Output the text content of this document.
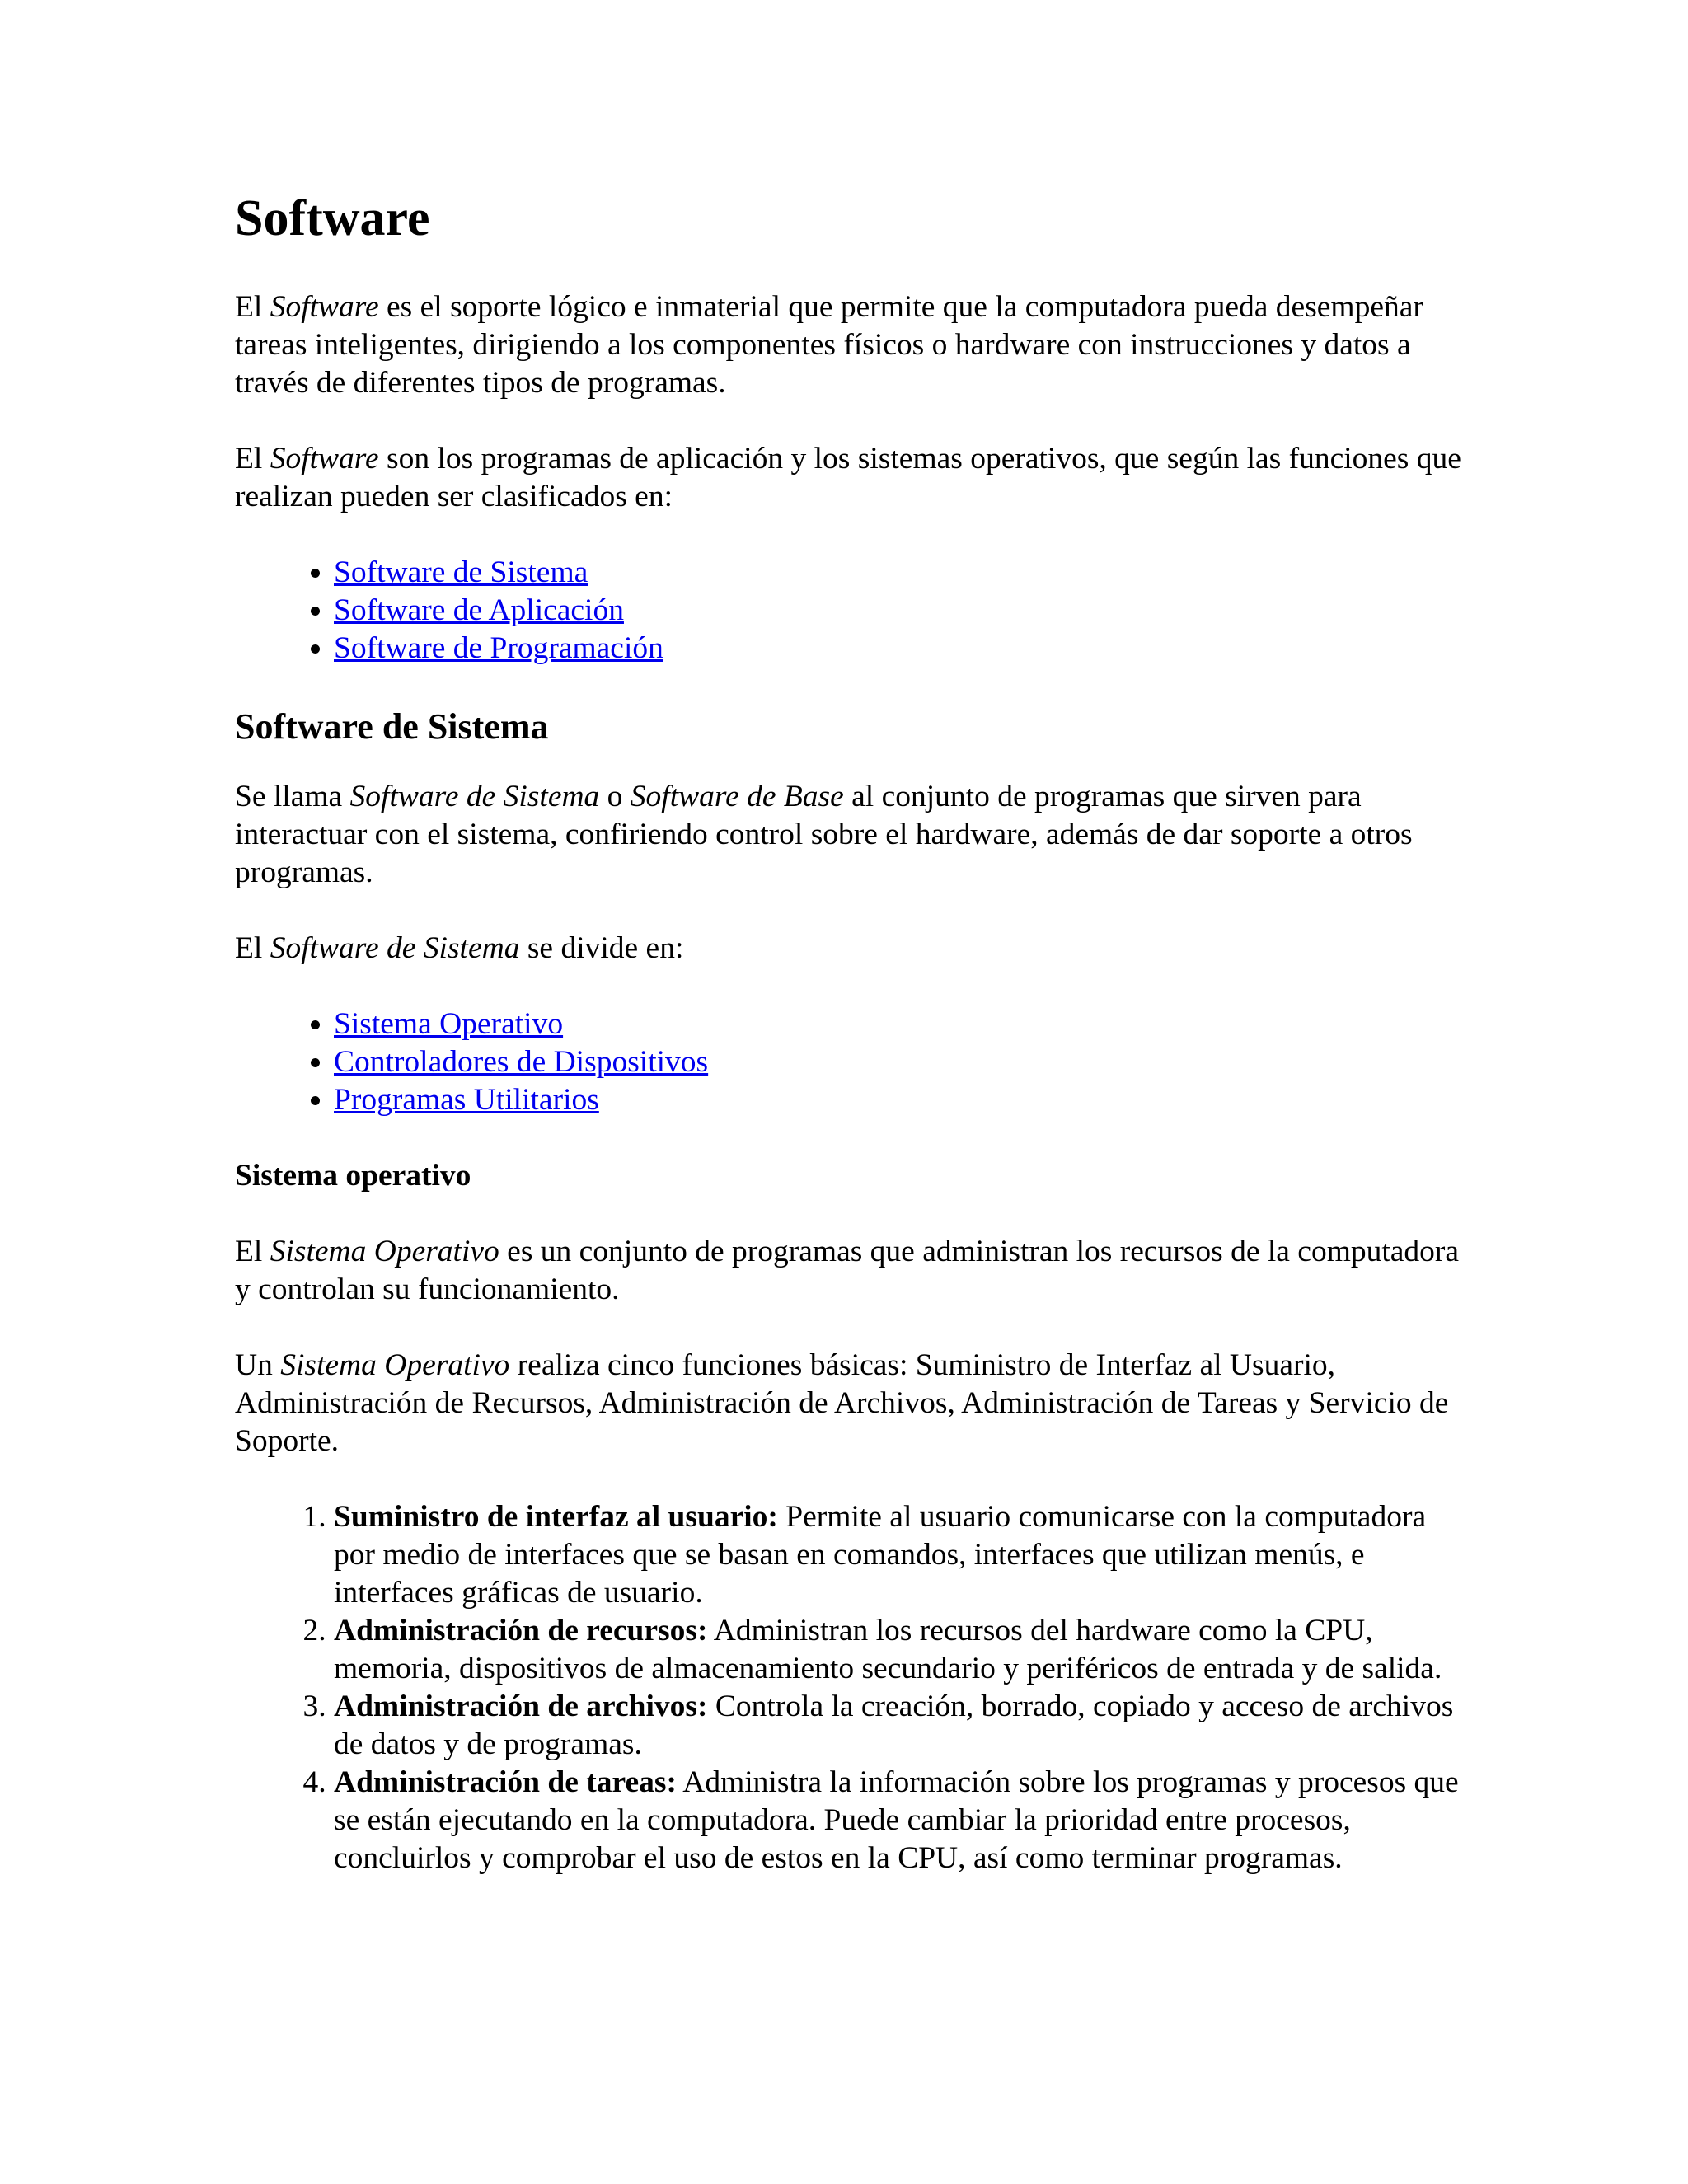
Software

El Software es el soporte lógico e inmaterial que permite que la computadora pueda desempeñar tareas inteligentes, dirigiendo a los componentes físicos o hardware con instrucciones y datos a través de diferentes tipos de programas.

El Software son los programas de aplicación y los sistemas operativos, que según las funciones que realizan pueden ser clasificados en:

• Software de Sistema
• Software de Aplicación
• Software de Programación
Software de Sistema

Se llama Software de Sistema o Software de Base al conjunto de programas que sirven para interactuar con el sistema, confiriendo control sobre el hardware, además de dar soporte a otros programas.

El Software de Sistema se divide en:

• Sistema Operativo
• Controladores de Dispositivos
• Programas Utilitarios
Sistema operativo

El Sistema Operativo es un conjunto de programas que administran los recursos de la computadora y controlan su funcionamiento.

Un Sistema Operativo realiza cinco funciones básicas: Suministro de Interfaz al Usuario, Administración de Recursos, Administración de Archivos, Administración de Tareas y Servicio de Soporte.

1. Suministro de interfaz al usuario: Permite al usuario comunicarse con la computadora por medio de interfaces que se basan en comandos, interfaces que utilizan menús, e interfaces gráficas de usuario.
2. Administración de recursos: Administran los recursos del hardware como la CPU, memoria, dispositivos de almacenamiento secundario y periféricos de entrada y de salida.
3. Administración de archivos: Controla la creación, borrado, copiado y acceso de archivos de datos y de programas.
4. Administración de tareas: Administra la información sobre los programas y procesos que se están ejecutando en la computadora. Puede cambiar la prioridad entre procesos, concluirlos y comprobar el uso de estos en la CPU, así como terminar programas.
